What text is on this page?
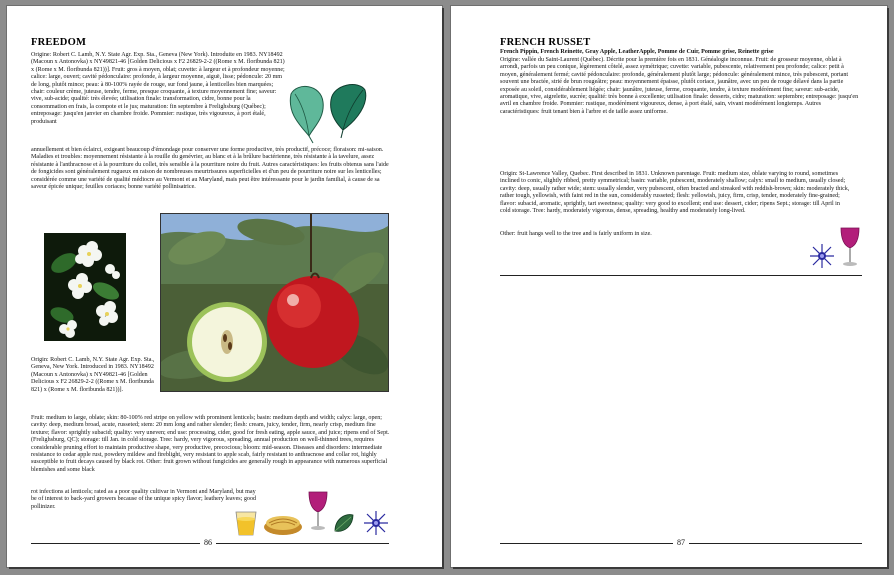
FREEDOM

Origine: Robert C. Lamb, N.Y. State Agr. Exp. Sta., Geneva (New York). Introduite en 1983. NY18492 (Macoun x Antonovka) x NY49821-46 [Golden Delicious x F2 26829-2-2 ((Rome x M. floribunda 821) x (Rome x M. floribunda 821))]. Fruit: gros à moyen, oblat; cuvette: à largeur et à profondeur moyenne; calice: large, ouvert; cavité pédonculaire: profonde, à largeur moyenne, aiguë, lisse; pédoncule: 20 mm de long, plutôt mince; peau: à 80-100% rayée de rouge, sur fond jaune, à lenticelles bien marquées; chair: couleur crème, juteuse, tendre, ferme, presque croquante, à texture moyennement fine; saveur: vive, sub-acide; qualité: très élevée; utilisation finale: transformation, cidre, bonne pour la consommation en frais, la compote et le jus; maturation: fin septembre à Frelighsburg (Québec); entreposage: jusqu'en janvier en chambre froide. Pommier: rustique, très vigoureux, à port étalé, produisant

annuellement et bien éclairci, exigeant beaucoup d'émondage pour conserver une forme productive, très productif, précoce; floraison: mi-saison. Maladies et troubles: moyennement résistante à la rouille du genévrier, au blanc et à la brûlure bactérienne, très résistante à la tavelure, assez résistante à l'anthracnose et à la pourriture du collet, très sensible à la pourriture noire du fruit. Autres caractéristiques: les fruits obtenus sans l'aide de fongicides sont généralement rugueux en raison de nombreuses meurtrissures superficielles et d'un peu de pourriture noire sur les lenticelles; considérée comme une variété de qualité médiocre au Vermont et au Maryland, mais peut être intéressante pour le jardin familial, à cause de sa saveur épicée unique; feuilles coriaces; bonne variété pollinisatrice.

Origin: Robert C. Lamb, N.Y. State Agr. Exp. Sta., Geneva, New York. Introduced in 1983. NY18492 (Macoun x Antonovka) x NY49821-46 [Golden Delicious x F2 26829-2-2 ((Rome x M. floribunda 821) x (Rome x M. floribunda 821))].

Fruit: medium to large, oblate; skin: 80-100% red stripe on yellow with prominent lenticels; basin: medium depth and width; calyx: large, open; cavity: deep, medium broad, acute, russeted; stem: 20 mm long and rather slender; flesh: cream, juicy, tender, firm, nearly crisp, medium fine texture; flavor: sprightly subacid; quality: very uneven; end use: processing, cider, good for fresh eating, apple sauce, and juice; ripens end of Sept. (Frelighsburg, QC); storage: till Jan. in cold storage. Tree: hardy, very vigorous, spreading, annual production on well-thinned trees, requires considerable pruning effort to maintain productive shape, very productive, precocious; bloom: mid-season. Diseases and disorders: intermediate resistance to cedar apple rust, powdery mildew and fireblight, very resistant to apple scab, fairly resistant to anthracnose and collar rot, highly susceptible to fruit decays caused by black rot. Other: fruit grown without fungicides are generally rough in appearance with numerous superficial blemishes and some black

rot infections at lenticels; rated as a poor quality cultivar in Vermont and Maryland, but may be of interest to back-yard growers because of the unique spicy flavor; leathery leaves; good pollinizer.

86
FRENCH RUSSET
French Pippin, French Reinette, Gray Apple, LeatherApple, Pomme de Cuir, Pomme grise, Reinette grise

Origine: vallée du Saint-Laurent (Québec). Décrite pour la première fois en 1831. Généalogie inconnue. Fruit: de grosseur moyenne, oblat à arrondi, parfois un peu conique, légèrement côtelé, assez symétrique; cuvette: variable, pubescente, relativement peu profonde; calice: petit à moyen, généralement fermé; cavité pédonculaire: profonde, généralement plutôt large; pédoncule: généralement mince, très pubescent, portant souvent une bractée, strié de brun rougeâtre; peau: moyennement épaisse, plutôt coriace, jaunâtre, avec un peu de rouge délavé dans la partie exposée au soleil, considérablement liégée; chair: jaunâtre, juteuse, ferme, croquante, tendre, à texture modérément fine; saveur: sub-acide, aromatique, vive, aigrelette, sucrée; qualité: très bonne à excellente; utilisation finale: desserts, cidre; maturation: septembre; entreposage: jusqu'en avril en chambre froide. Pommier: rustique, modérément vigoureux, dense, à port étalé, sain, vivant modérément longtemps. Autres caractéristiques: fruit tenant bien à l'arbre et de taille assez uniforme.

Origin: St-Lawrence Valley, Quebec. First described in 1831. Unknown parentage. Fruit: medium size, oblate varying to round, sometimes inclined to conic, slightly ribbed, pretty symmetrical; basin: variable, pubescent, moderately shallow; calyx: small to medium, usually closed; cavity: deep, usually rather wide; stem: usually slender, very pubescent, often bracted and streaked with reddish-brown; skin: moderately thick, rather tough, yellowish, with faint red in the sun, considerably russeted; flesh: yellowish, juicy, firm, crisp, tender, moderately fine-grained; flavor: subacid, aromatic, sprightly, tart sweetness; quality: very good to excellent; end use: dessert, cider; ripens Sept.; storage: till April in cold storage. Tree: hardy, moderately vigorous, dense, spreading, healthy and moderately long-lived.

Other: fruit hangs well to the tree and is fairly uniform in size.

87
